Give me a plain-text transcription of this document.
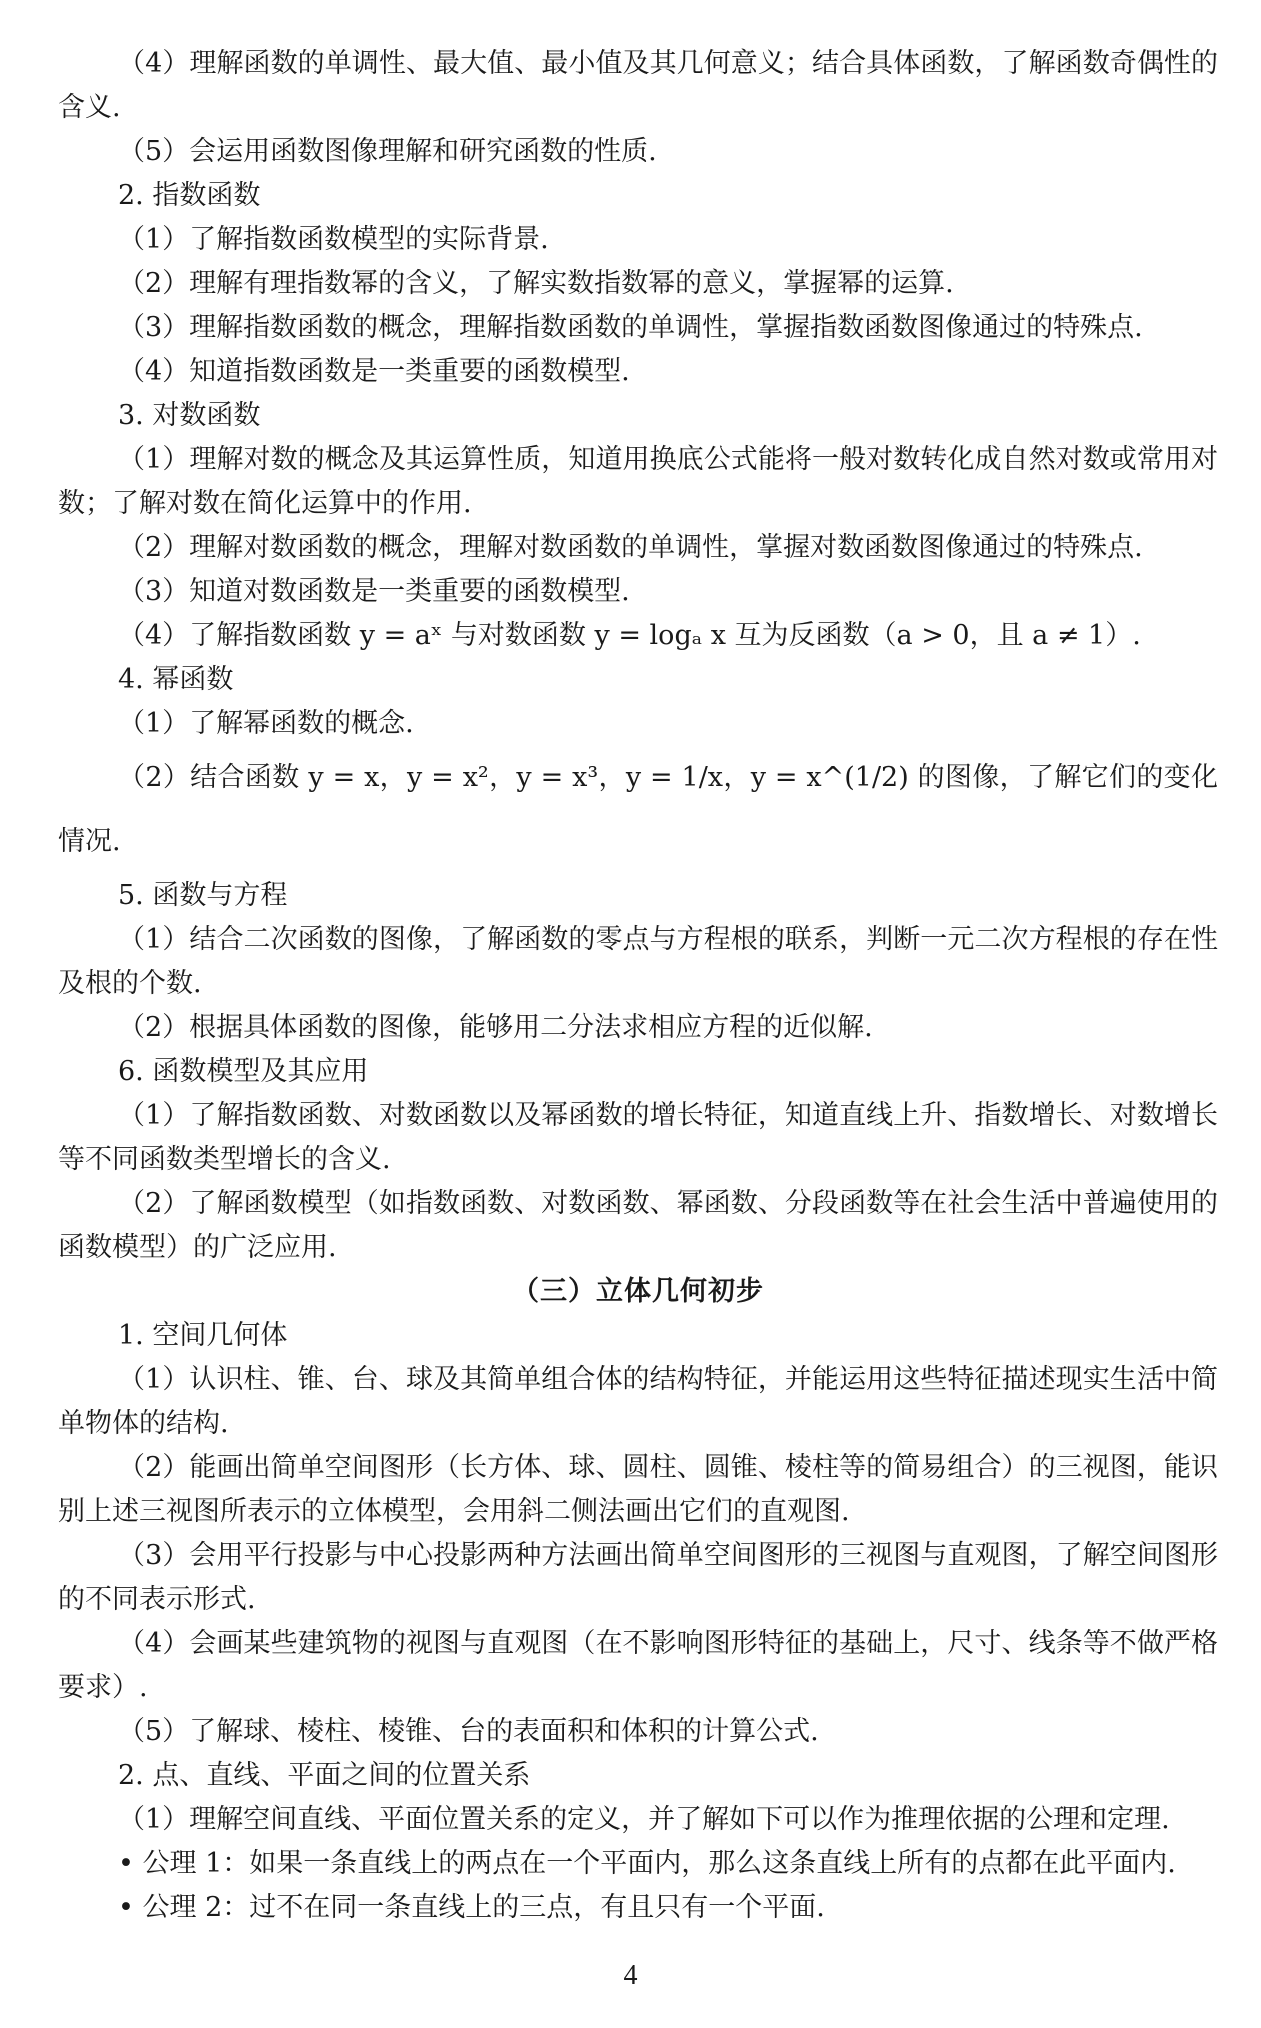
（4）理解函数的单调性、最大值、最小值及其几何意义；结合具体函数，了解函数奇偶性的含义.

（5）会运用函数图像理解和研究函数的性质.

2. 指数函数

（1）了解指数函数模型的实际背景.

（2）理解有理指数幂的含义，了解实数指数幂的意义，掌握幂的运算.

（3）理解指数函数的概念，理解指数函数的单调性，掌握指数函数图像通过的特殊点.

（4）知道指数函数是一类重要的函数模型.

3. 对数函数

（1）理解对数的概念及其运算性质，知道用换底公式能将一般对数转化成自然对数或常用对数；了解对数在简化运算中的作用.

（2）理解对数函数的概念，理解对数函数的单调性，掌握对数函数图像通过的特殊点.

（3）知道对数函数是一类重要的函数模型.

（4）了解指数函数 y = aˣ 与对数函数 y = logₐ x 互为反函数（a > 0，且 a ≠ 1）.

4. 幂函数

（1）了解幂函数的概念.

（2）结合函数 y = x，y = x²，y = x³，y = 1/x，y = x^(1/2) 的图像，了解它们的变化情况.

5. 函数与方程

（1）结合二次函数的图像，了解函数的零点与方程根的联系，判断一元二次方程根的存在性及根的个数.

（2）根据具体函数的图像，能够用二分法求相应方程的近似解.

6. 函数模型及其应用

（1）了解指数函数、对数函数以及幂函数的增长特征，知道直线上升、指数增长、对数增长等不同函数类型增长的含义.

（2）了解函数模型（如指数函数、对数函数、幂函数、分段函数等在社会生活中普遍使用的函数模型）的广泛应用.

（三）立体几何初步

1. 空间几何体

（1）认识柱、锥、台、球及其简单组合体的结构特征，并能运用这些特征描述现实生活中简单物体的结构.

（2）能画出简单空间图形（长方体、球、圆柱、圆锥、棱柱等的简易组合）的三视图，能识别上述三视图所表示的立体模型，会用斜二侧法画出它们的直观图.

（3）会用平行投影与中心投影两种方法画出简单空间图形的三视图与直观图，了解空间图形的不同表示形式.

（4）会画某些建筑物的视图与直观图（在不影响图形特征的基础上，尺寸、线条等不做严格要求）.

（5）了解球、棱柱、棱锥、台的表面积和体积的计算公式.

2. 点、直线、平面之间的位置关系

（1）理解空间直线、平面位置关系的定义，并了解如下可以作为推理依据的公理和定理.

• 公理 1：如果一条直线上的两点在一个平面内，那么这条直线上所有的点都在此平面内.

• 公理 2：过不在同一条直线上的三点，有且只有一个平面.

4
